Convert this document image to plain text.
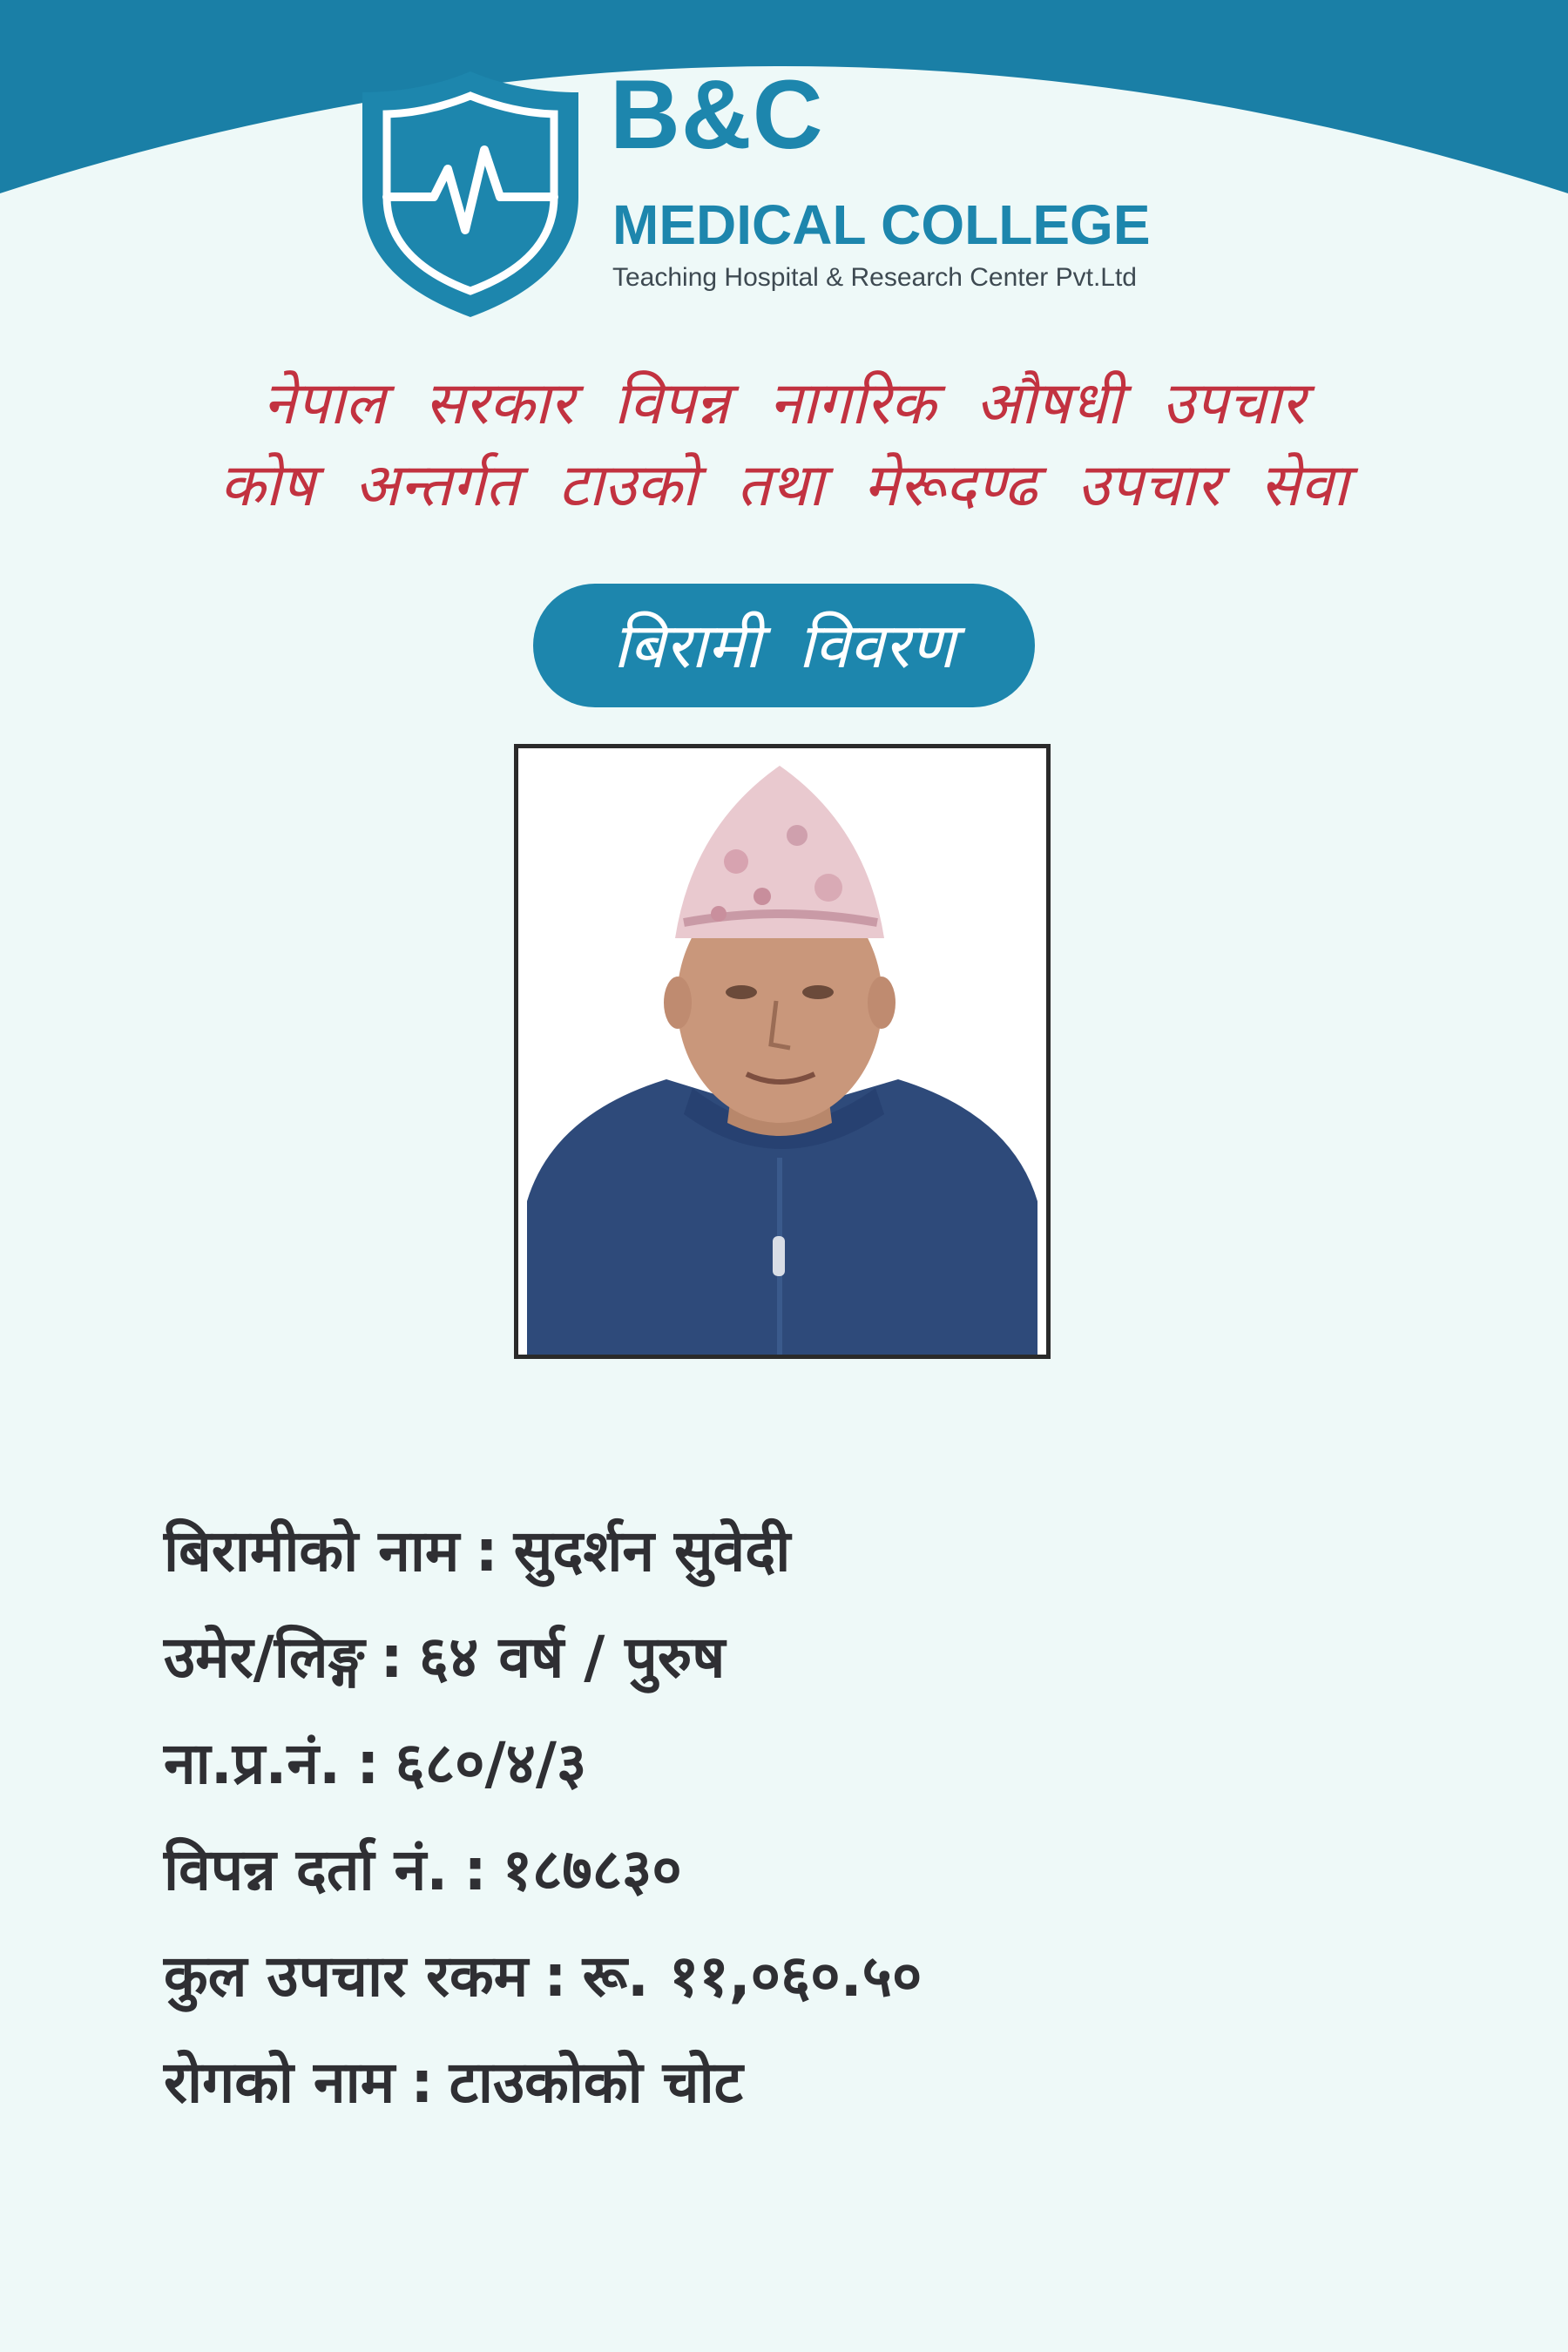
B&C
MEDICAL COLLEGE
Teaching Hospital & Research Center Pvt.Ltd
नेपाल सरकार विपन्न नागरिक औषधी उपचार
कोष अन्तर्गत टाउको तथा मेरूदण्ढ उपचार सेवा
बिरामी विवरण
बिरामीको नाम : सुदर्शन सुवेदी
उमेर/लिङ्ग : ६४ वर्ष / पुरुष
ना.प्र.नं. : ६८०/४/३
विपन्न दर्ता नं. : १८७८३०
कुल उपचार रकम : रू. ११,०६०.५०
रोगको नाम : टाउकोको चोट
